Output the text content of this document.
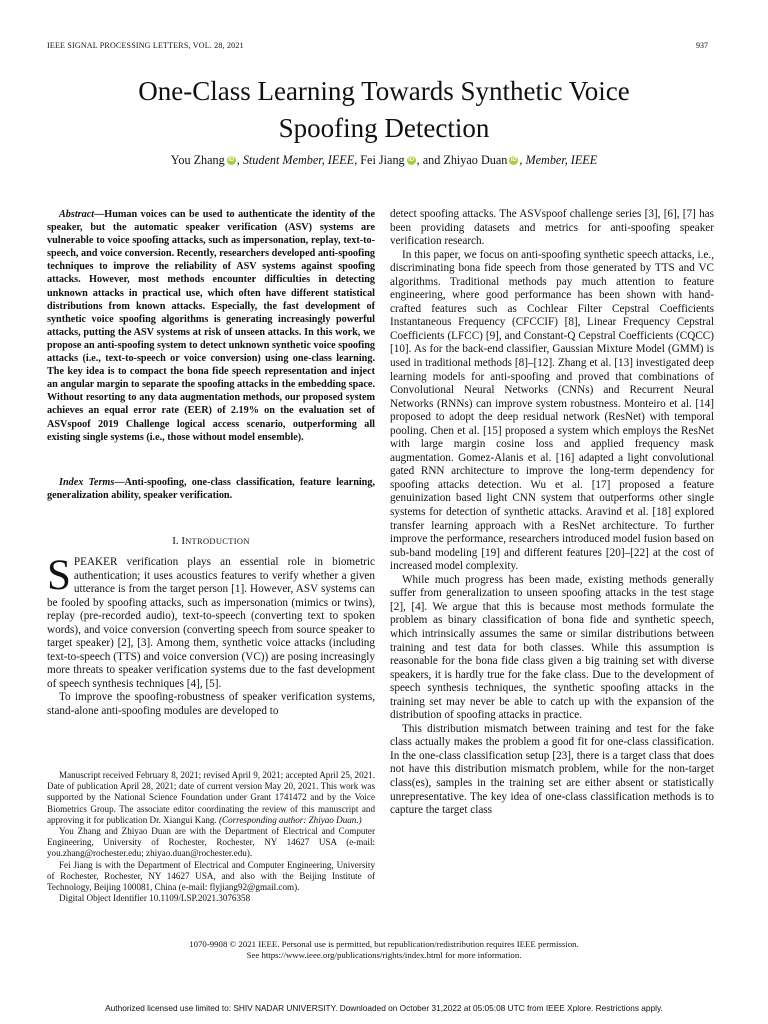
IEEE SIGNAL PROCESSING LETTERS, VOL. 28, 2021	937
One-Class Learning Towards Synthetic Voice
Spoofing Detection
You Zhang iD , Student Member, IEEE, Fei Jiang iD , and Zhiyao Duan iD , Member, IEEE

Abstract—Human voices can be used to authenticate the identity of the speaker, but the automatic speaker verification (ASV) systems are vulnerable to voice spoofing attacks, such as impersonation, replay, text-to-speech, and voice conversion. Recently, researchers developed anti-spoofing techniques to improve the reliability of ASV systems against spoofing attacks. However, most methods encounter difficulties in detecting unknown attacks in practical use, which often have different statistical distributions from known attacks. Especially, the fast development of synthetic voice spoofing algorithms is generating increasingly powerful attacks, putting the ASV systems at risk of unseen attacks. In this work, we propose an anti-spoofing system to detect unknown synthetic voice spoofing attacks (i.e., text-to-speech or voice conversion) using one-class learning. The key idea is to compact the bona fide speech representation and inject an angular margin to separate the spoofing attacks in the embedding space. Without resorting to any data augmentation methods, our proposed system achieves an equal error rate (EER) of 2.19% on the evaluation set of ASVspoof 2019 Challenge logical access scenario, outperforming all existing single systems (i.e., those without model ensemble).

Index Terms—Anti-spoofing, one-class classification, feature learning, generalization ability, speaker verification.

I. INTRODUCTION

SPEAKER verification plays an essential role in biometric authentication; it uses acoustics features to verify whether a given utterance is from the target person [1]. However, ASV systems can be fooled by spoofing attacks, such as impersonation (mimics or twins), replay (pre-recorded audio), text-to-speech (converting text to spoken words), and voice conversion (converting speech from source speaker to target speaker) [2], [3]. Among them, synthetic voice attacks (including text-to-speech (TTS) and voice conversion (VC)) are posing increasingly more threats to speaker verification systems due to the fast development of speech synthesis techniques [4], [5].

To improve the spoofing-robustness of speaker verification systems, stand-alone anti-spoofing modules are developed to

Manuscript received February 8, 2021; revised April 9, 2021; accepted April 25, 2021. Date of publication April 28, 2021; date of current version May 20, 2021. This work was supported by the National Science Foundation under Grant 1741472 and by the Voice Biometrics Group. The associate editor coordinating the review of this manuscript and approving it for publication Dr. Xiangui Kang. (Corresponding author: Zhiyao Duan.)

You Zhang and Zhiyao Duan are with the Department of Electrical and Computer Engineering, University of Rochester, Rochester, NY 14627 USA (e-mail: you.zhang@rochester.edu; zhiyao.duan@rochester.edu).

Fei Jiang is with the Department of Electrical and Computer Engineering, University of Rochester, Rochester, NY 14627 USA, and also with the Beijing Institute of Technology, Beijing 100081, China (e-mail: flyjiang92@gmail.com).

Digital Object Identifier 10.1109/LSP.2021.3076358

detect spoofing attacks. The ASVspoof challenge series [3], [6], [7] has been providing datasets and metrics for anti-spoofing speaker verification research.

In this paper, we focus on anti-spoofing synthetic speech attacks, i.e., discriminating bona fide speech from those generated by TTS and VC algorithms. Traditional methods pay much attention to feature engineering, where good performance has been shown with hand-crafted features such as Cochlear Filter Cepstral Coefficients Instantaneous Frequency (CFCCIF) [8], Linear Frequency Cepstral Coefficients (LFCC) [9], and Constant-Q Cepstral Coefficients (CQCC) [10]. As for the back-end classifier, Gaussian Mixture Model (GMM) is used in traditional methods [8]–[12]. Zhang et al. [13] investigated deep learning models for anti-spoofing and proved that combinations of Convolutional Neural Networks (CNNs) and Recurrent Neural Networks (RNNs) can improve system robustness. Monteiro et al. [14] proposed to adopt the deep residual network (ResNet) with temporal pooling. Chen et al. [15] proposed a system which employs the ResNet with large margin cosine loss and applied frequency mask augmentation. Gomez-Alanis et al. [16] adapted a light convolutional gated RNN architecture to improve the long-term dependency for spoofing attacks detection. Wu et al. [17] proposed a feature genuinization based light CNN system that outperforms other single systems for detection of synthetic attacks. Aravind et al. [18] explored transfer learning approach with a ResNet architecture. To further improve the performance, researchers introduced model fusion based on sub-band modeling [19] and different features [20]–[22] at the cost of increased model complexity.

While much progress has been made, existing methods generally suffer from generalization to unseen spoofing attacks in the test stage [2], [4]. We argue that this is because most methods formulate the problem as binary classification of bona fide and synthetic speech, which intrinsically assumes the same or similar distributions between training and test data for both classes. While this assumption is reasonable for the bona fide class given a big training set with diverse speakers, it is hardly true for the fake class. Due to the development of speech synthesis techniques, the synthetic spoofing attacks in the training set may never be able to catch up with the expansion of the distribution of spoofing attacks in practice.

This distribution mismatch between training and test for the fake class actually makes the problem a good fit for one-class classification. In the one-class classification setup [23], there is a target class that does not have this distribution mismatch problem, while for the non-target class(es), samples in the training set are either absent or statistically unrepresentative. The key idea of one-class classification methods is to capture the target class

1070-9908 © 2021 IEEE. Personal use is permitted, but republication/redistribution requires IEEE permission.
See https://www.ieee.org/publications/rights/index.html for more information.
Authorized licensed use limited to: SHIV NADAR UNIVERSITY. Downloaded on October 31,2022 at 05:05:08 UTC from IEEE Xplore. Restrictions apply.
